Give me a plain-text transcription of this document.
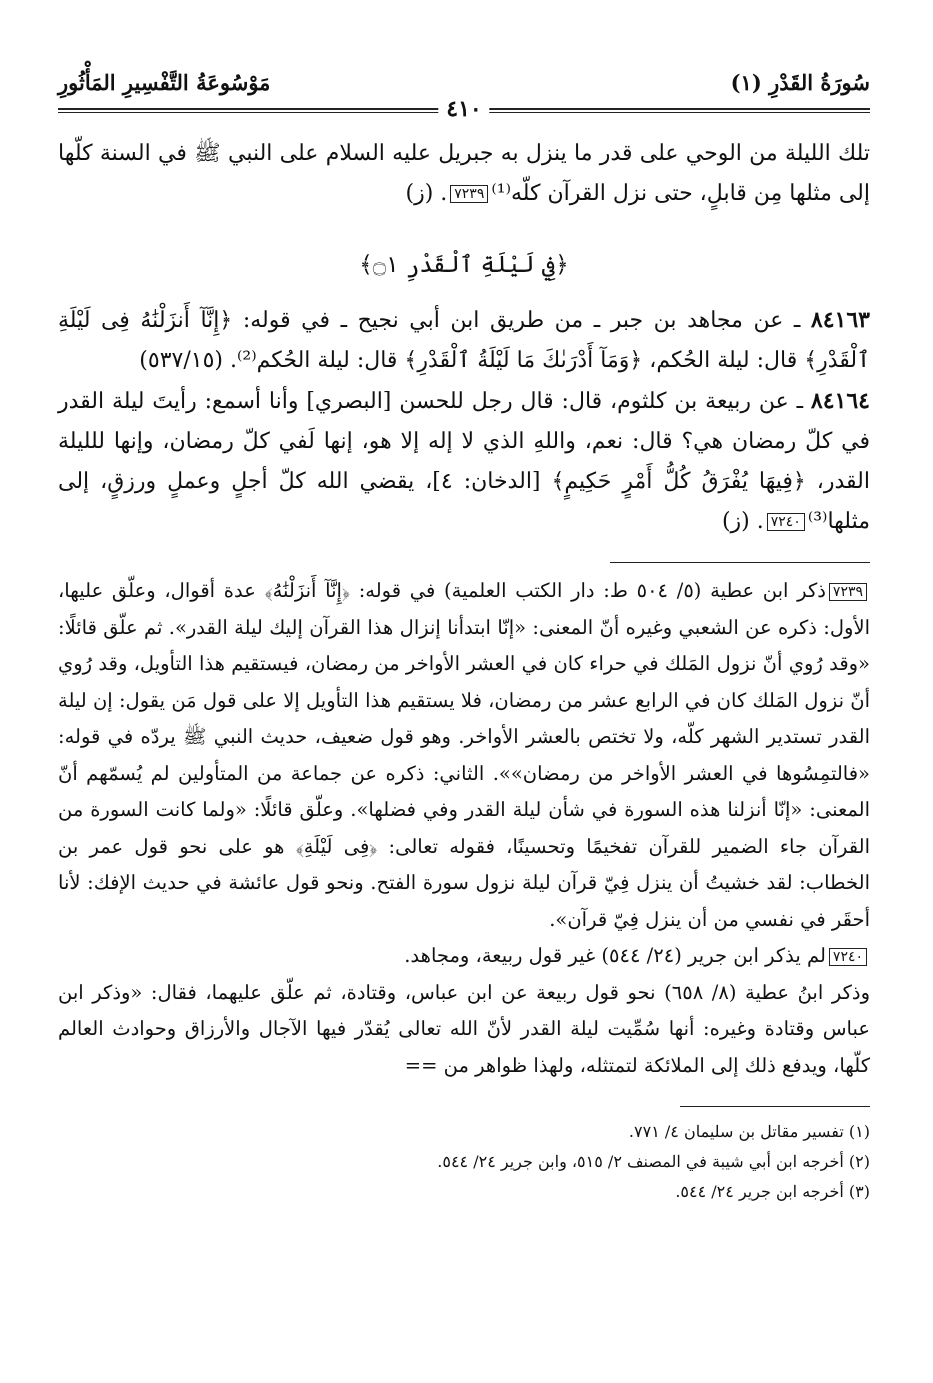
سُورَةُ القَدْرِ (١)
٤١٠
مَوْسُوعَةُ التَّفْسِيرِ المَأْثُورِ

تلك الليلة من الوحي على قدر ما ينزل به جبريل عليه السلام على النبي ﷺ في السنة كلّها إلى مثلها مِن قابلٍ، حتى نزل القرآن كلّه⁽¹⁾٧٢٣٩. (ز)

﴿فِي لَيْلَةِ ٱلْقَدْرِ ۝١﴾

٨٤١٦٣ ـ عن مجاهد بن جبر ـ من طريق ابن أبي نجيح ـ في قوله: ﴿إِنَّآ أَنزَلْنَٰهُ فِى لَيْلَةِ ٱلْقَدْرِ﴾ قال: ليلة الحُكم، ﴿وَمَآ أَدْرَىٰكَ مَا لَيْلَةُ ٱلْقَدْرِ﴾ قال: ليلة الحُكم⁽²⁾. (٥٣٧/١٥)

٨٤١٦٤ ـ عن ربيعة بن كلثوم، قال: قال رجل للحسن [البصري] وأنا أسمع: رأيتَ ليلة القدر في كلّ رمضان هي؟ قال: نعم، واللهِ الذي لا إله إلا هو، إنها لَفي كلّ رمضان، وإنها للليلة القدر، ﴿فِيهَا يُفْرَقُ كُلُّ أَمْرٍ حَكِيمٍ﴾ [الدخان: ٤]، يقضي الله كلّ أجلٍ وعملٍ ورزقٍ، إلى مثلها⁽³⁾٧٢٤٠. (ز)

٧٢٣٩ذكر ابن عطية (٥/ ٥٠٤ ط: دار الكتب العلمية) في قوله: ﴿إِنَّآ أَنزَلْنَٰهُ﴾ عدة أقوال، وعلّق عليها، الأول: ذكره عن الشعبي وغيره أنّ المعنى: «إنّا ابتدأنا إنزال هذا القرآن إليك ليلة القدر». ثم علّق قائلًا: «وقد رُوي أنّ نزول المَلك في حراء كان في العشر الأواخر من رمضان، فيستقيم هذا التأويل، وقد رُوي أنّ نزول المَلك كان في الرابع عشر من رمضان، فلا يستقيم هذا التأويل إلا على قول مَن يقول: إن ليلة القدر تستدير الشهر كلّه، ولا تختص بالعشر الأواخر. وهو قول ضعيف، حديث النبي ﷺ يردّه في قوله: «فالتمِسُوها في العشر الأواخر من رمضان»». الثاني: ذكره عن جماعة من المتأولين لم يُسمّهم أنّ المعنى: «إنّا أنزلنا هذه السورة في شأن ليلة القدر وفي فضلها». وعلّق قائلًا: «ولما كانت السورة من القرآن جاء الضمير للقرآن تفخيمًا وتحسينًا، فقوله تعالى: ﴿فِى لَيْلَةِ﴾ هو على نحو قول عمر بن الخطاب: لقد خشيتُ أن ينزل فِيّ قرآن ليلة نزول سورة الفتح. ونحو قول عائشة في حديث الإفك: لأنا أحقَر في نفسي من أن ينزل فِيّ قرآن».

٧٢٤٠لم يذكر ابن جرير (٢٤/ ٥٤٤) غير قول ربيعة، ومجاهد.

وذكر ابنُ عطية (٨/ ٦٥٨) نحو قول ربيعة عن ابن عباس، وقتادة، ثم علّق عليهما، فقال: «وذكر ابن عباس وقتادة وغيره: أنها سُمِّيت ليلة القدر لأنّ الله تعالى يُقدّر فيها الآجال والأرزاق وحوادث العالم كلّها، ويدفع ذلك إلى الملائكة لتمتثله، ولهذا ظواهر من ==

(١) تفسير مقاتل بن سليمان ٤/ ٧٧١.

(٢) أخرجه ابن أبي شيبة في المصنف ٢/ ٥١٥، وابن جرير ٢٤/ ٥٤٤.

(٣) أخرجه ابن جرير ٢٤/ ٥٤٤.
